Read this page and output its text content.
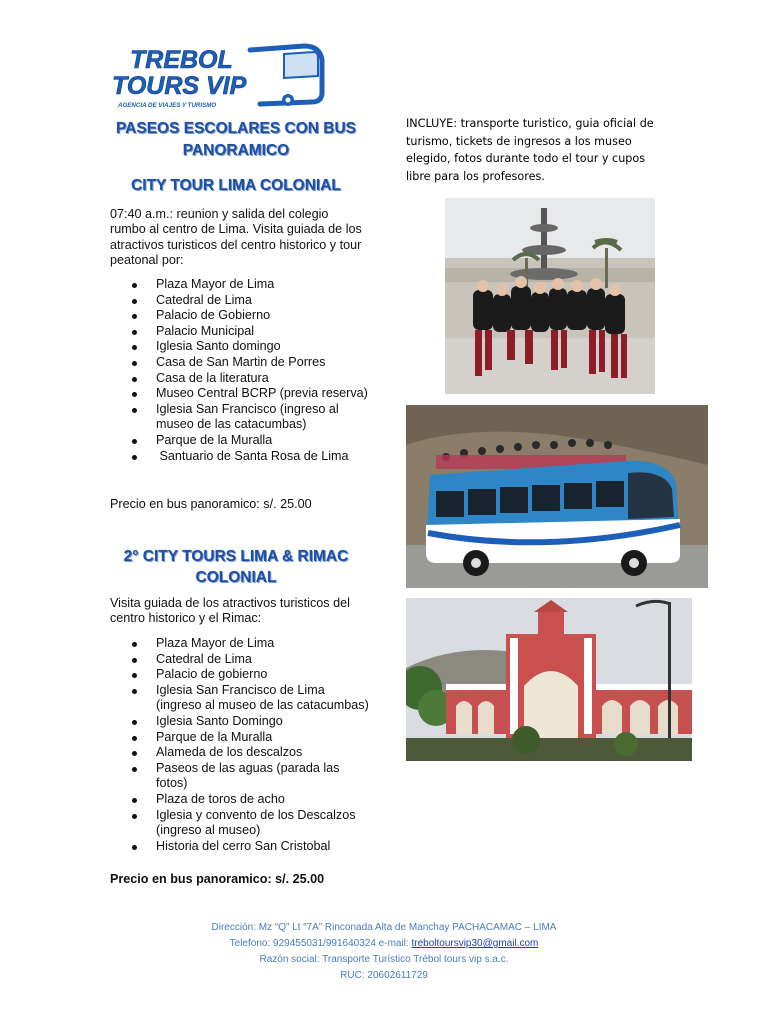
TREBOL
TOURS VIP
AGENCIA DE VIAJES Y TURISMO
PASEOS ESCOLARES CON BUS PANORAMICO
CITY TOUR LIMA COLONIAL

07:40 a.m.: reunion y salida del colegio rumbo al centro de Lima. Visita guiada de los atractivos turisticos del centro historico y tour peatonal por:

Plaza Mayor de Lima
Catedral de Lima
Palacio de Gobierno
Palacio Municipal
Iglesia Santo domingo
Casa de San Martin de Porres
Casa de la literatura
Museo Central BCRP (previa reserva)
Iglesia San Francisco (ingreso al museo de las catacumbas)
Parque de la Muralla
Santuario de Santa Rosa de Lima
Precio en bus panoramico: s/. 25.00
2° CITY TOURS LIMA & RIMAC COLONIAL

Visita guiada de los atractivos turisticos del centro historico y el Rimac:

Plaza Mayor de Lima
Catedral de Lima
Palacio de gobierno
Iglesia San Francisco de Lima (ingreso al museo de las catacumbas)
Iglesia Santo Domingo
Parque de la Muralla
Alameda de los descalzos
Paseos de las aguas (parada las fotos)
Plaza de toros de acho
Iglesia y convento de los Descalzos (ingreso al museo)
Historia del cerro San Cristobal
Precio en bus panoramico: s/. 25.00

INCLUYE: transporte turistico, guia oficial de turismo, tickets de ingresos a los museo elegido, fotos durante todo el tour y cupos libre para los profesores.

TREBOL TOURS
Dirección: Mz “Q” Lt “7A” Rinconada Alta de Manchay PACHACAMAC – LIMA
Telefono: 929455031/991640324 e-mail: treboltoursvip30@gmail.com
Razón social: Transporte Turístico Trébol tours vip s.a.c.
RUC: 20602611729
